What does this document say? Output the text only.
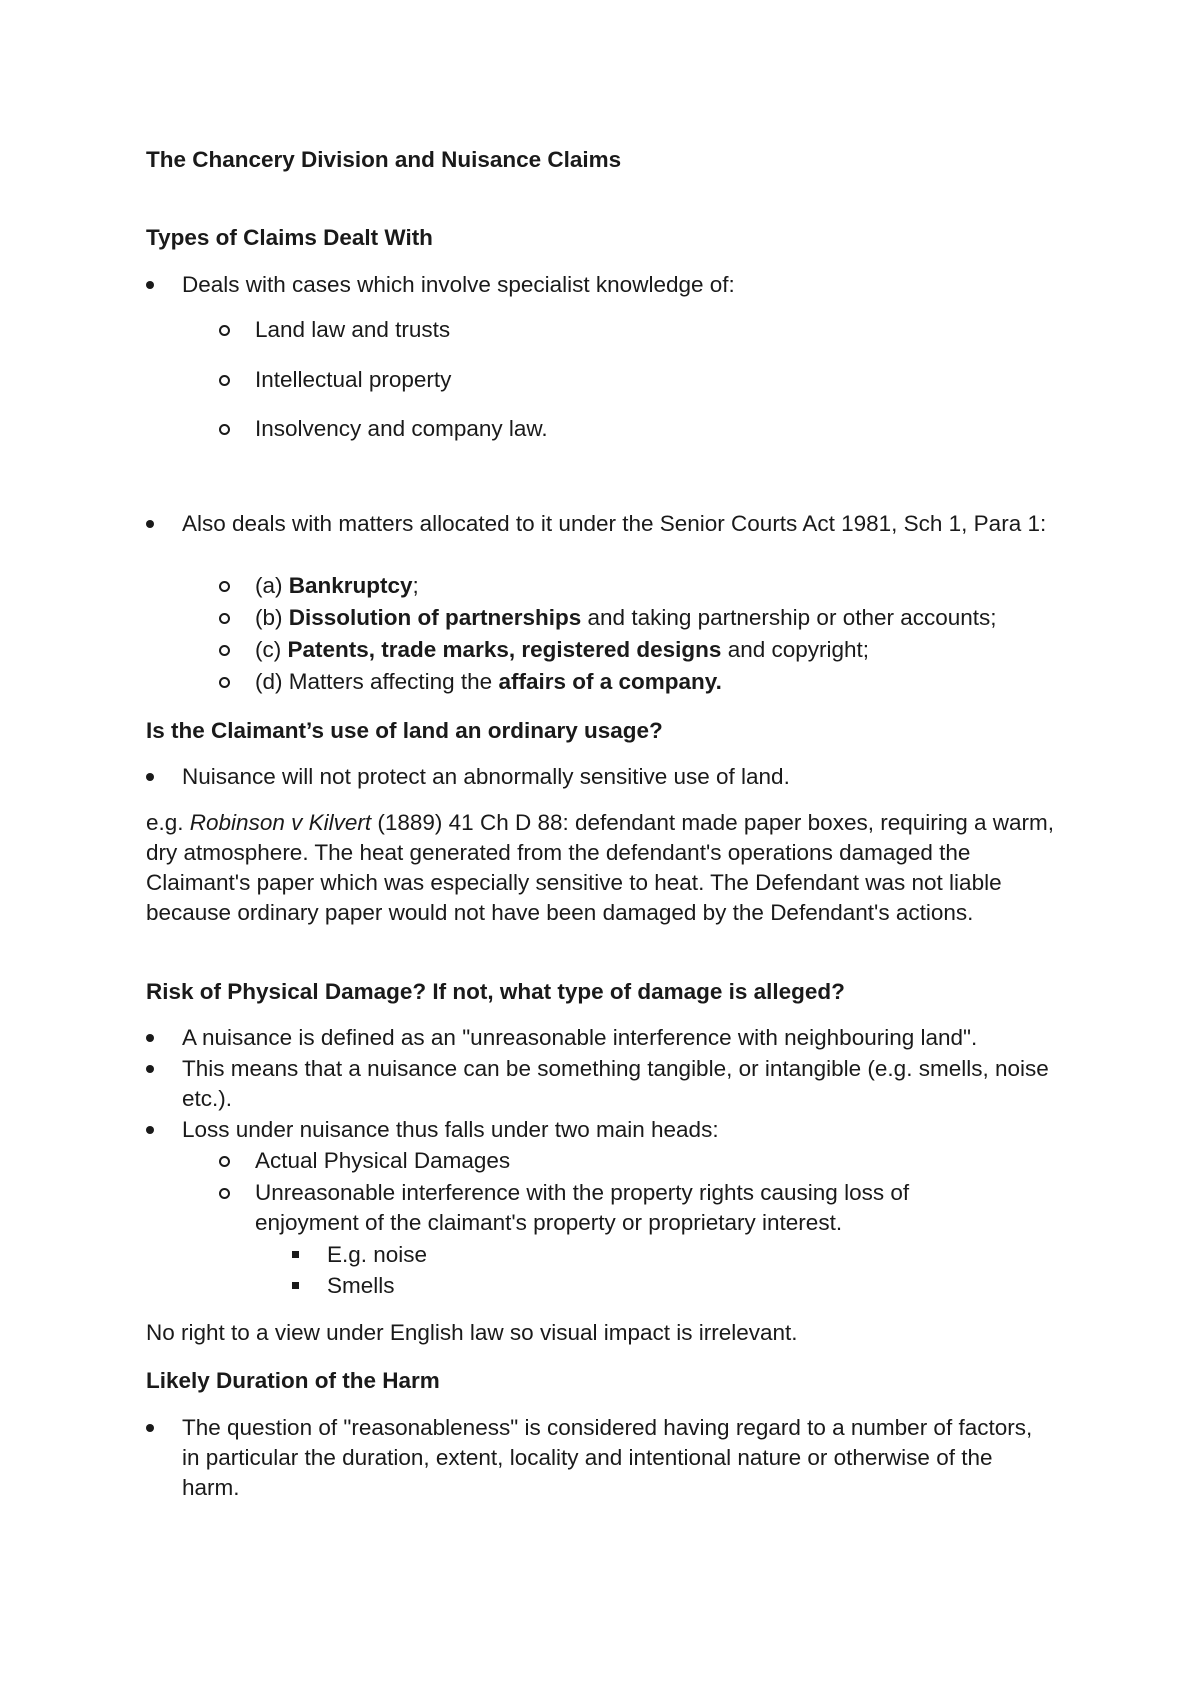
The Chancery Division and Nuisance Claims
Types of Claims Dealt With
Deals with cases which involve specialist knowledge of:
Land law and trusts
Intellectual property
Insolvency and company law.
Also deals with matters allocated to it under the Senior Courts Act 1981, Sch 1, Para 1:
(a) Bankruptcy;
(b) Dissolution of partnerships and taking partnership or other accounts;
(c) Patents, trade marks, registered designs and copyright;
(d) Matters affecting the affairs of a company.
Is the Claimant’s use of land an ordinary usage?
Nuisance will not protect an abnormally sensitive use of land.

e.g. Robinson v Kilvert (1889) 41 Ch D 88: defendant made paper boxes, requiring a warm, dry atmosphere. The heat generated from the defendant's operations damaged the Claimant's paper which was especially sensitive to heat. The Defendant was not liable because ordinary paper would not have been damaged by the Defendant's actions.

Risk of Physical Damage? If not, what type of damage is alleged?
A nuisance is defined as an "unreasonable interference with neighbouring land".
This means that a nuisance can be something tangible, or intangible (e.g. smells, noise etc.).
Loss under nuisance thus falls under two main heads:
Actual Physical Damages
Unreasonable interference with the property rights causing loss of enjoyment of the claimant's property or proprietary interest.
E.g. noise
Smells

No right to a view under English law so visual impact is irrelevant.

Likely Duration of the Harm
The question of "reasonableness" is considered having regard to a number of factors, in particular the duration, extent, locality and intentional nature or otherwise of the harm.
